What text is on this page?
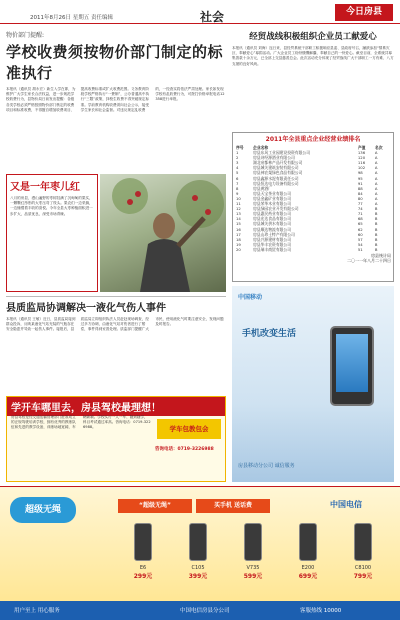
2011年8月26日 星期五 责任编辑	社会	今日房县
物价部门提醒:
学校收费须按物价部门制定的标准执行
本报讯（通讯员 胡永宏）新生入学在即，为维护广大学生家长合法权益，进一步规范学校收费行为，县物价局日前发出提醒：各级各类学校必须严格按照物价部门核定的收费项目和标准收费，不得擅自增加收费项目、提高收费标准或扩大收费范围。义务教育阶段学校严格执行“一费制”，公办普通高中执行“三限”政策，择校生收费不得突破规定标准。学前教育机构收费须向社会公示，接受学生家长和社会监督。对违反规定乱收费的，一经查实将依法严肃处理。家长如发现学校有乱收费行为，可拨打价格举报电话12358进行举报。
又是一年枣儿红
八月的房县，漫山遍野的枣树挂满了沉甸甸的果实，一颗颗红彤彤的大枣压弯了枝头。果农们一边采摘，一边憧憬着丰收的喜悦。今年全县大枣种植面积进一步扩大，品质优良，深受市场青睐。
县质监局协调解决一液化气伤人事件
本报讯（通讯员 王敏）近日，县质监局接到群众投诉，反映某液化气站充装的气瓶存在安全隐患并导致一起伤人事件。接报后，县质监局立即组织执法人员赶赴现场调查，经过多方协调，由液化气站对伤者进行了赔偿，事件得到妥善处理。质监部门提醒广大市民，使用液化气时要注意安全，发现问题及时报告。
学开车哪里去，房县驾校最理想！
房县驾校是经交通运输管理部门批准成立的正规驾驶培训学校，拥有优秀的教练队伍和先进的教学设备，训练场地宽阔，车辆新颖。学校实行一人一车、随到随学，科目考试通过率高。咨询电话：0719-3226988。	学车包教包会
咨询电话：0719-3226988
经贸战线积极组织企业员工献爱心
本报讯（通讯员 刘海）连日来，县经贸系统干部职工积极响应县委、县政府号召，踊跃参加“情系灾区、奉献爱心”募捐活动。广大企业员工纷纷慷慨解囊，奉献自己的一份爱心。截至目前，全系统共募集善款十余万元，已全部上交县慈善总会。此次活动充分体现了经贸战线广大干部职工一方有难、八方支援的良好风尚。
2011年全县重点企业经营业绩排名
序号	企业名称	产值	名次
1	房县东风工业园建设投资有限公司	136	A
2	房县诗经源酒业有限公司	120	A
3	湖北帝都林产品开发有限公司	116	A
4	房县城关建筑安装有限公司	102	A
5	房县神农架绿色食品有限公司	98	A
6	房县鑫源水泥有限责任公司	95	A
7	房县恒达电力设备有限公司	91	A
8	房县黄酒厂	88	A
9	房县天宝茶业有限公司	84	A
10	房县金鑫矿业有限公司	80	A
11	房县荣华木业有限公司	77	A
12	房县绿园农业开发有限公司	74	B
13	房县惠民药业有限公司	71	B
14	房县宏达食品有限公司	68	B
15	房县城关供水有限公司	65	B
16	房县顺达物流有限公司	62	B
17	房县山珍土特产有限公司	60	B
18	房县兴源建材有限公司	57	B
19	房县华丰农资有限公司	54	B
20	房县瑞丰商贸有限公司	51	B
房县统计局
二〇一一年八月二十四日
中国移动
手机改变生活
房县移动分公司 诚信服务
超级无绳	“超级无绳”	买手机 送话费	中国电信
E6
299元
C105
399元
V735
599元
E200
699元
C8100
799元
用户至上 用心服务	中国电信房县分公司	客服热线 10000
